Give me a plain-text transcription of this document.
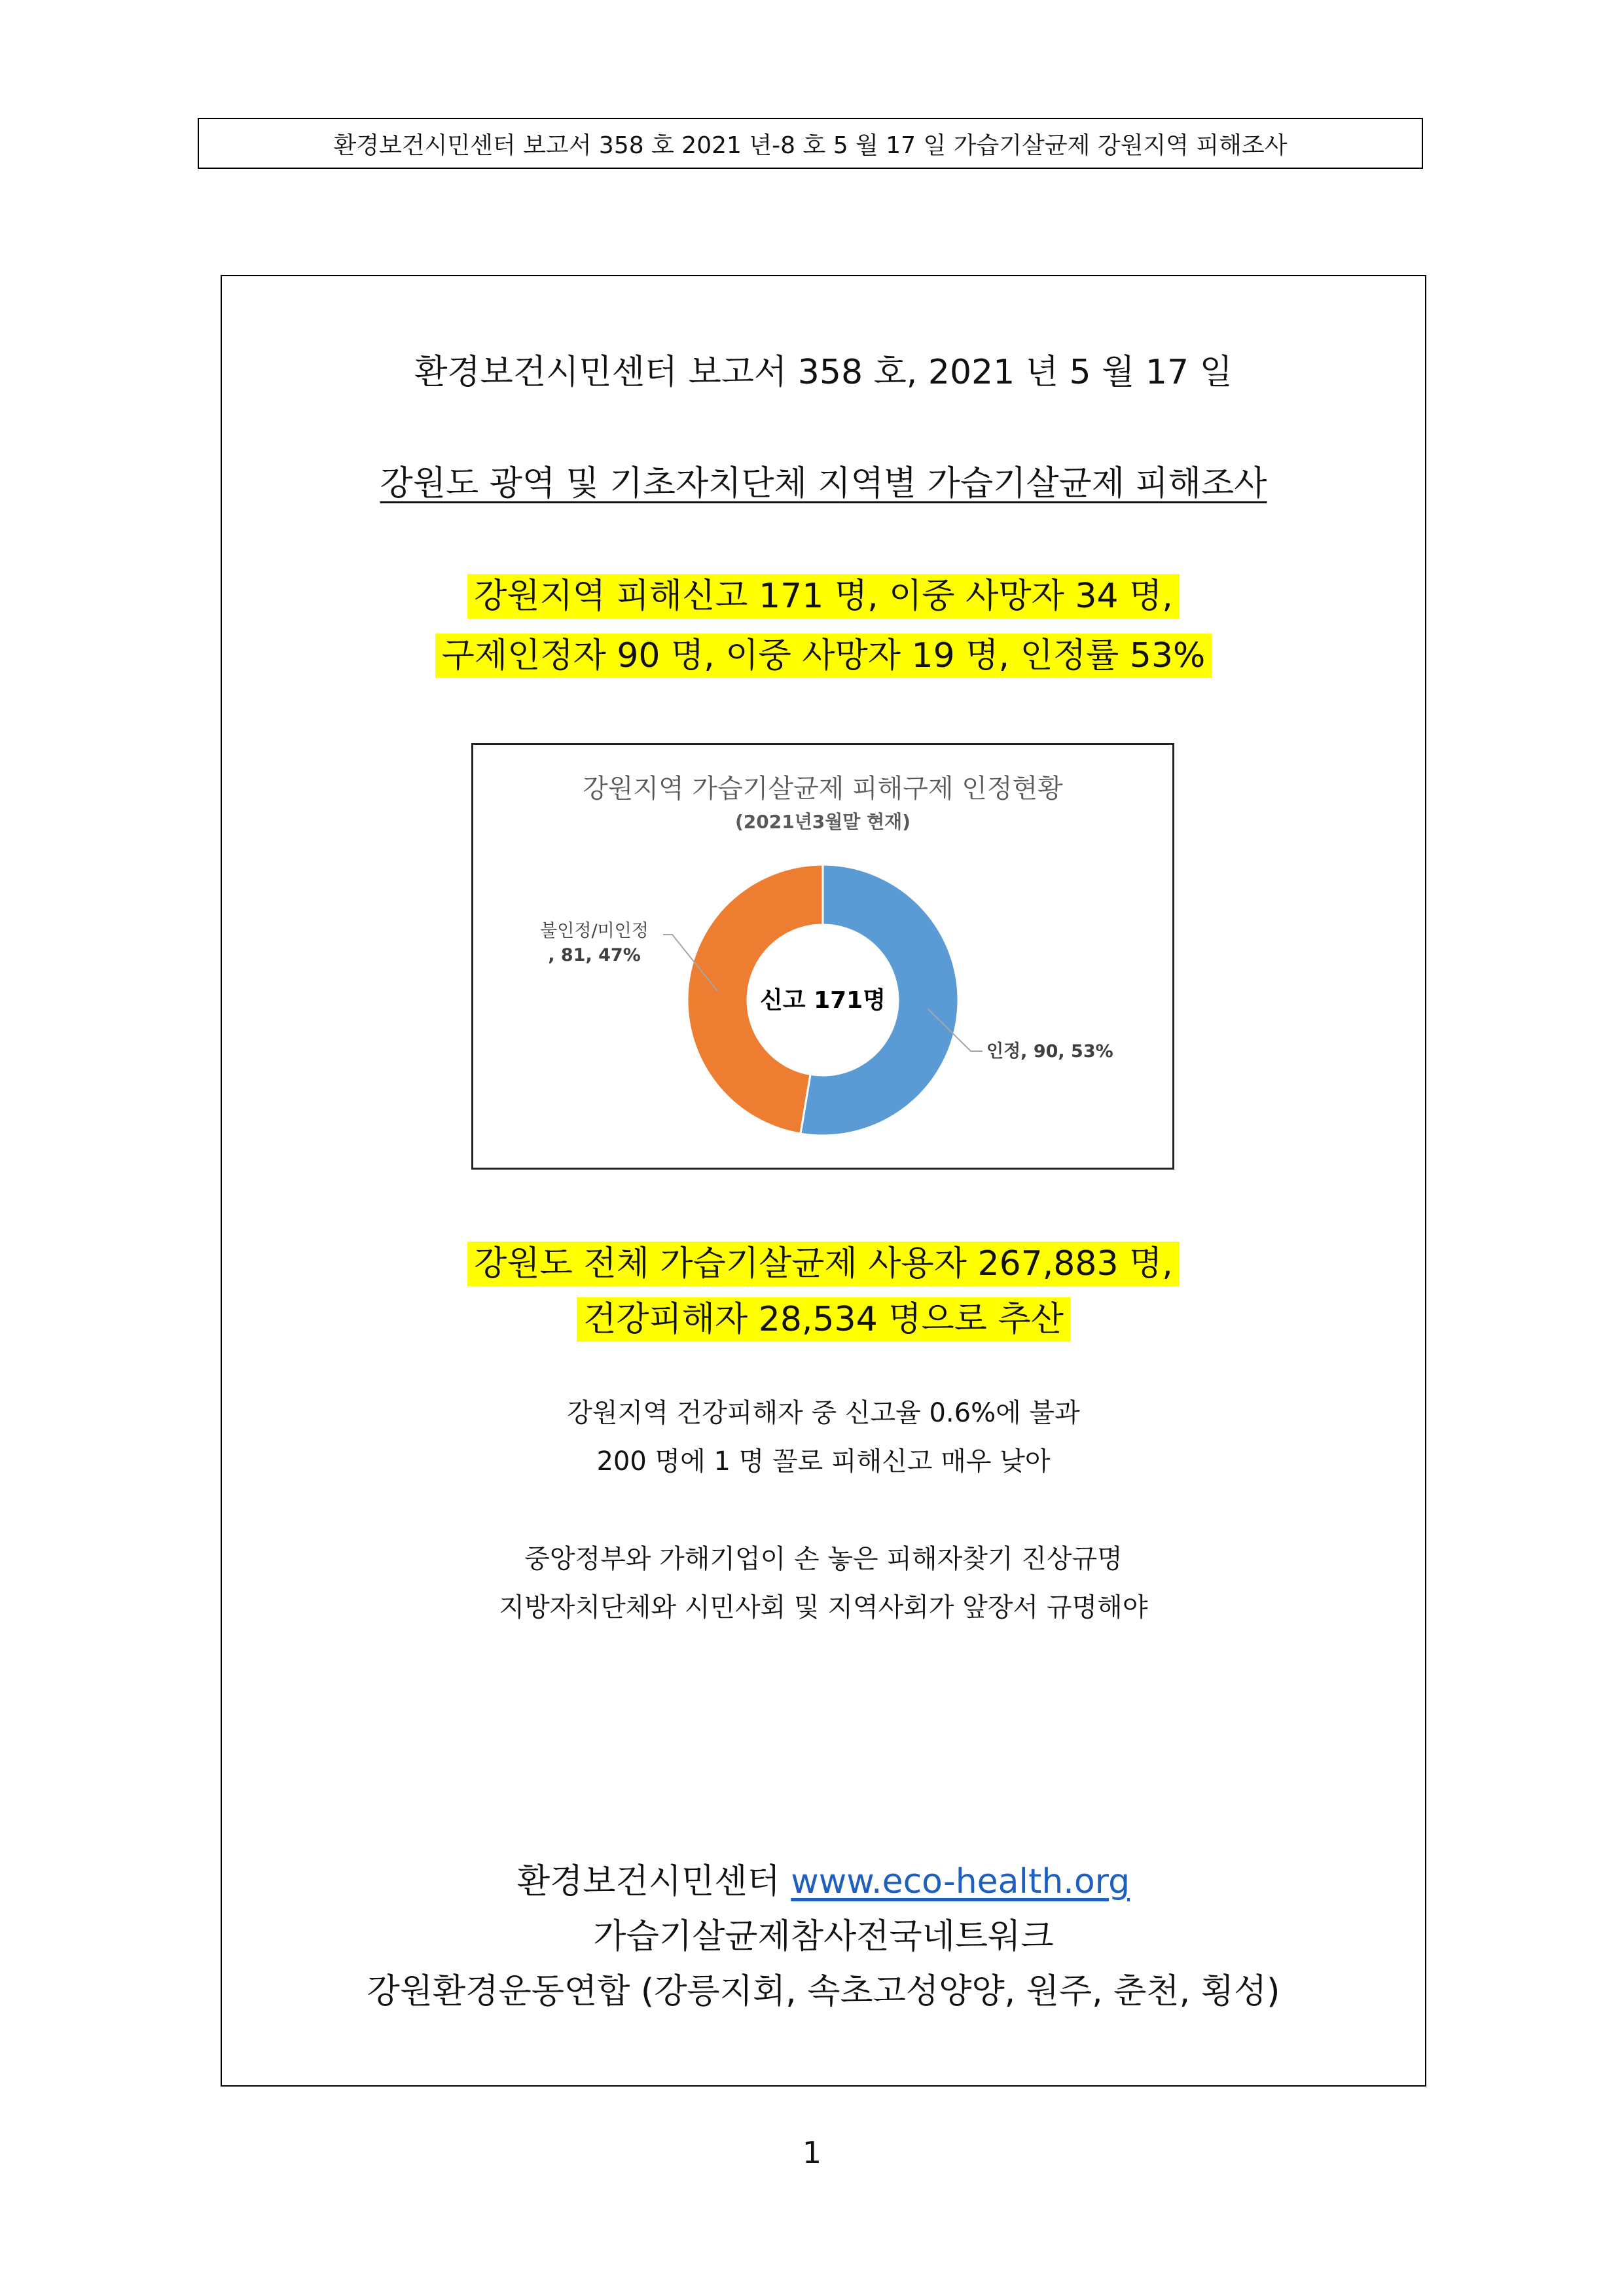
환경보건시민센터 보고서 358 호 2021 년-8 호 5 월 17 일 가습기살균제 강원지역 피해조사
환경보건시민센터 보고서 358 호, 2021 년 5 월 17 일
강원도 광역 및 기초자치단체 지역별 가습기살균제 피해조사
강원지역 피해신고 171 명, 이중 사망자 34 명,
구제인정자 90 명, 이중 사망자 19 명, 인정률 53%
강원지역 가습기살균제 피해구제 인정현황
(2021년3월말 현재)
신고 171명
불인정/미인정
, 81, 47%
인정, 90, 53%
강원도 전체 가습기살균제 사용자 267,883 명,
건강피해자 28,534 명으로 추산
강원지역 건강피해자 중 신고율 0.6%에 불과
200 명에 1 명 꼴로 피해신고 매우 낮아
중앙정부와 가해기업이 손 놓은 피해자찾기 진상규명
지방자치단체와 시민사회 및 지역사회가 앞장서 규명해야
환경보건시민센터 www.eco-health.org
가습기살균제참사전국네트워크
강원환경운동연합 (강릉지회, 속초고성양양, 원주, 춘천, 횡성)
1
